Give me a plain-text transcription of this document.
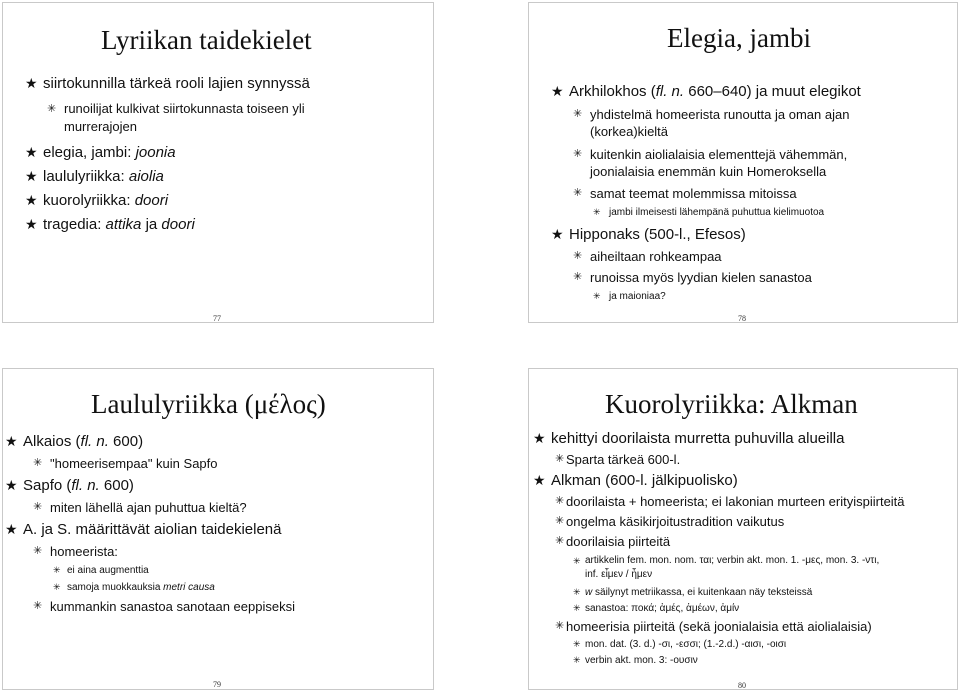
Lyriikan taidekielet
★ siirtokunnilla tärkeä rooli lajien synnyssä
✳ runoilijat kulkivat siirtokunnasta toiseen yli
murrerajojen
★ elegia, jambi: joonia
★ laululyriikka: aiolia
★ kuorolyriikka: doori
★ tragedia: attika ja doori
77
Elegia, jambi
★ Arkhilokhos (fl. n. 660–640) ja muut elegikot
✳ yhdistelmä homeerista runoutta ja oman ajan
(korkea)kieltä
✳ kuitenkin aiolialaisia elementtejä vähemmän,
joonialaisia enemmän kuin Homeroksella
✳ samat teemat molemmissa mitoissa
✳ jambi ilmeisesti lähempänä puhuttua kielimuotoa
★ Hipponaks (500-l., Efesos)
✳ aiheiltaan rohkeampaa
✳ runoissa myös lyydian kielen sanastoa
✳ ja maioniaa?
78
Laululyriikka (μέλος)
★ Alkaios (fl. n. 600)
✳ "homeerisempaa" kuin Sapfo
★ Sapfo (fl. n. 600)
✳ miten lähellä ajan puhuttua kieltä?
★ A. ja S. määrittävät aiolian taidekielenä
✳ homeerista:
✳ ei aina augmenttia
✳ samoja muokkauksia metri causa
✳ kummankin sanastoa sanotaan eeppiseksi
79
Kuorolyriikka: Alkman
★ kehittyi doorilaista murretta puhuvilla alueilla
✳ Sparta tärkeä 600-l.
★ Alkman (600-l. jälkipuolisko)
✳ doorilaista + homeerista; ei lakonian murteen erityispiirteitä
✳ ongelma käsikirjoitustradition vaikutus
✳ doorilaisia piirteitä
✳ artikkelin fem. mon. nom. ται; verbin akt. mon. 1. -μες, mon. 3. -ντι,
inf. εἶμεν / ἦμεν
✳ w säilynyt metriikassa, ei kuitenkaan näy teksteissä
✳ sanastoa: ποκά; ἁμές, ἁμέων, ἁμίν
✳ homeerisia piirteitä (sekä joonialaisia että aiolialaisia)
✳ mon. dat. (3. d.) -σι, -εσσι; (1.-2.d.) -αισι, -οισι
✳ verbin akt. mon. 3: -ουσιν
80
